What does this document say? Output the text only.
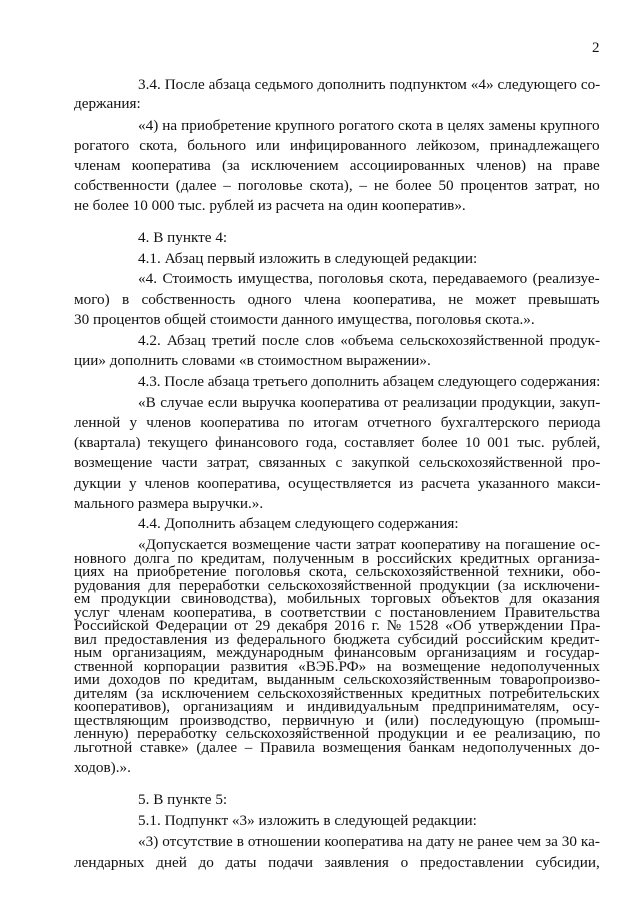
2
3.4. После абзаца седьмого дополнить подпунктом «4» следующего со-
держания:
«4) на приобретение крупного рогатого скота в целях замены крупного
рогатого скота, больного или инфицированного лейкозом, принадлежащего
членам кооператива (за исключением ассоциированных членов) на праве
собственности (далее – поголовье скота), – не более 50 процентов затрат, но
не более 10 000 тыс. рублей из расчета на один кооператив».
4. В пункте 4:
4.1. Абзац первый изложить в следующей редакции:
«4. Стоимость имущества, поголовья скота, передаваемого (реализуе-
мого) в собственность одного члена кооператива, не может превышать
30 процентов общей стоимости данного имущества, поголовья скота.».
4.2. Абзац третий после слов «объема сельскохозяйственной продук-
ции» дополнить словами «в стоимостном выражении».
4.3. После абзаца третьего дополнить абзацем следующего содержания:
«В случае если выручка кооператива от реализации продукции, закуп-
ленной у членов кооператива по итогам отчетного бухгалтерского периода
(квартала) текущего финансового года, составляет более 10 001 тыс. рублей,
возмещение части затрат, связанных с закупкой сельскохозяйственной про-
дукции у членов кооператива, осуществляется из расчета указанного макси-
мального размера выручки.».
4.4. Дополнить абзацем следующего содержания:
«Допускается возмещение части затрат кооперативу на погашение ос-
новного долга по кредитам, полученным в российских кредитных организа-
циях на приобретение поголовья скота, сельскохозяйственной техники, обо-
рудования для переработки сельскохозяйственной продукции (за исключени-
ем продукции свиноводства), мобильных торговых объектов для оказания
услуг членам кооператива, в соответствии с постановлением Правительства
Российской Федерации от 29 декабря 2016 г. № 1528 «Об утверждении Пра-
вил предоставления из федерального бюджета субсидий российским кредит-
ным организациям, международным финансовым организациям и государ-
ственной корпорации развития «ВЭБ.РФ» на возмещение недополученных
ими доходов по кредитам, выданным сельскохозяйственным товаропроизво-
дителям (за исключением сельскохозяйственных кредитных потребительских
кооперативов), организациям и индивидуальным предпринимателям, осу-
ществляющим производство, первичную и (или) последующую (промыш-
ленную) переработку сельскохозяйственной продукции и ее реализацию, по
льготной ставке» (далее – Правила возмещения банкам недополученных до-
ходов).».
5. В пункте 5:
5.1. Подпункт «3» изложить в следующей редакции:
«3) отсутствие в отношении кооператива на дату не ранее чем за 30 ка-
лендарных дней до даты подачи заявления о предоставлении субсидии,
